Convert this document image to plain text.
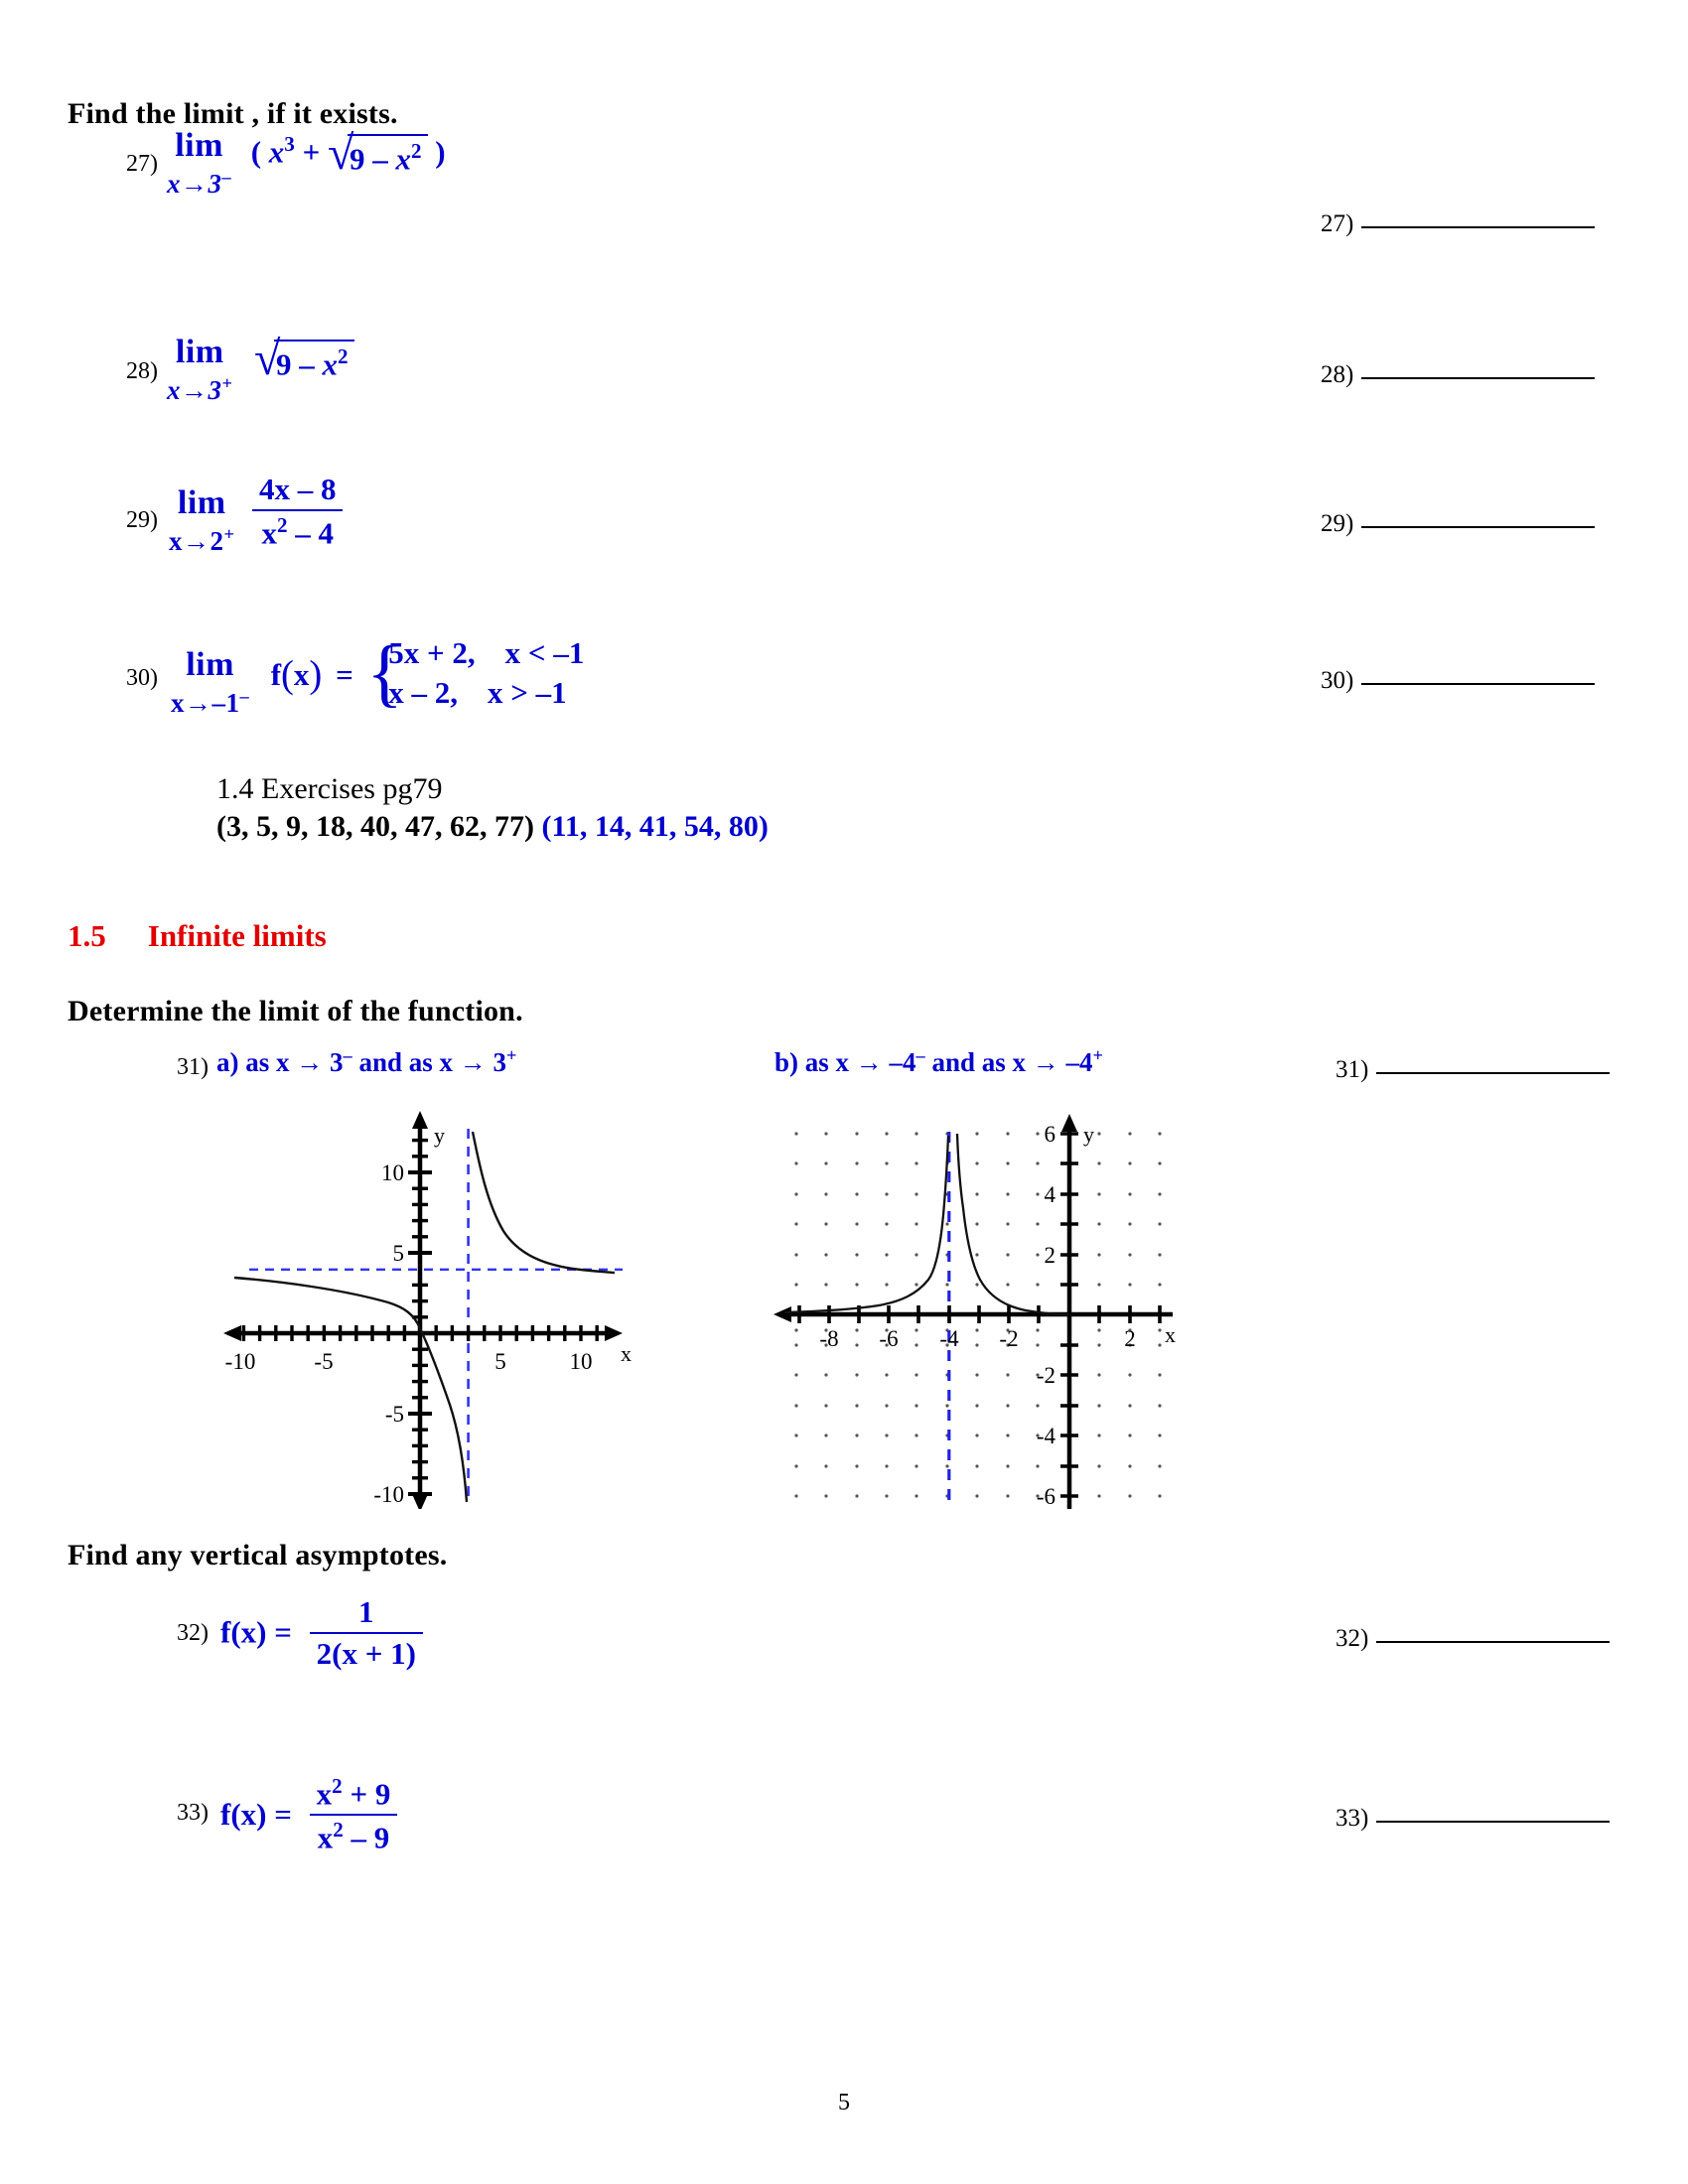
Find the limit , if it exists.
27) lim
x→3–
( $x^3$ + √
$9 - x^2$ )
27)
28)
lim
x→3+
√
$9 - x^2$
28)
29) lim
x→2+
$\frac{4x - 8}{x^2 - 4}$	29)
30) lim
x→–1–
f(x) = {
5x + 2, x < –1
x – 2, x > –1	30)
1.4 Exercises pg79
(3, 5, 9, 18, 40, 47, 62, 77) (11, 14, 41, 54, 80)
1.5 Infinite limits
Determine the limit of the function.
31) a) as x → 3– and as x → 3+	b) as x → –4– and as x → –4+
31)
y
x
-10	-5	5	10
10
5
-5
-10
y
x
-8 -6 -4 -2	2
6
4
2
-2
-4
-6
Find any vertical asymptotes.
32) $f(x) = \frac{1}{2(x + 1)}$	32)
33) $f(x) = \frac{x^2 + 9}{x^2 - 9}$	33)
5
